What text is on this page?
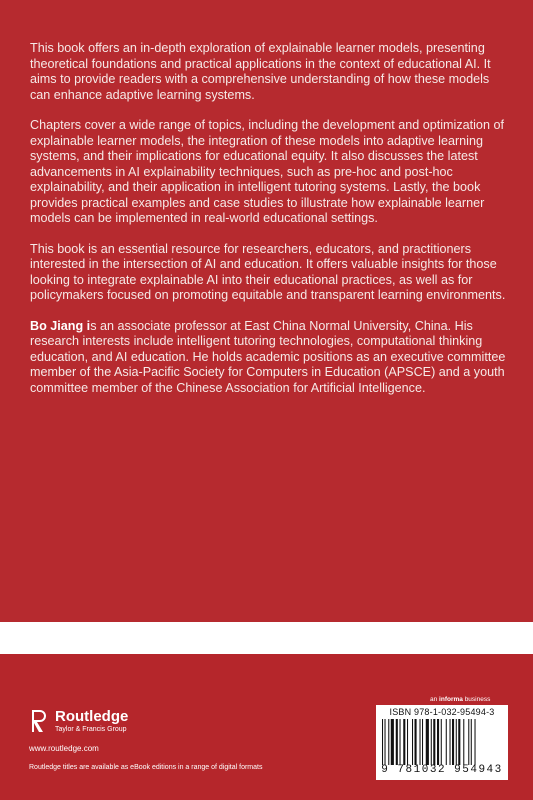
This book offers an in-depth exploration of explainable learner models, presenting theoretical foundations and practical applications in the context of educational AI. It aims to provide readers with a comprehensive understanding of how these models can enhance adaptive learning systems.

Chapters cover a wide range of topics, including the development and optimization of explainable learner models, the integration of these models into adaptive learning systems, and their implications for educational equity. It also discusses the latest advancements in AI explainability techniques, such as pre-hoc and post-hoc explainability, and their application in intelligent tutoring systems. Lastly, the book provides practical examples and case studies to illustrate how explainable learner models can be implemented in real-world educational settings.

This book is an essential resource for researchers, educators, and practitioners interested in the intersection of AI and education. It offers valuable insights for those looking to integrate explainable AI into their educational practices, as well as for policymakers focused on promoting equitable and transparent learning environments.

Bo Jiang is an associate professor at East China Normal University, China. His research interests include intelligent tutoring technologies, computational thinking education, and AI education. He holds academic positions as an executive committee member of the Asia-Pacific Society for Computers in Education (APSCE) and a youth committee member of the Chinese Association for Artificial Intelligence.

an informa business
Routledge
Taylor & Francis Group
www.routledge.com
Routledge titles are available as eBook editions in a range of digital formats
ISBN 978-1-032-95494-3
9 781032 954943
